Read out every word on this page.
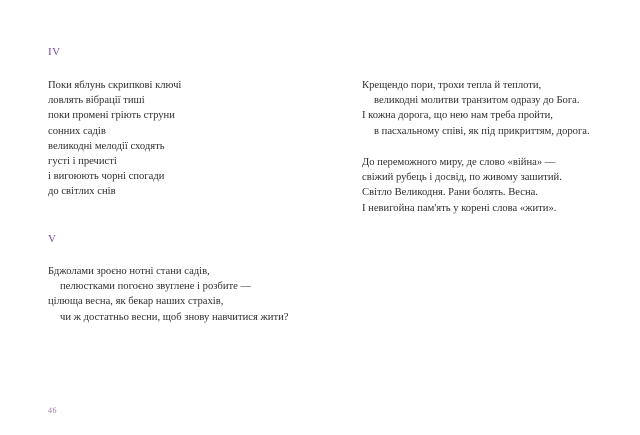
IV
Поки яблунь скрипкові ключі
ловлять вібрації тиші
поки промені гріють струни
сонних садів
великодні мелодії сходять
густі і пречисті
і вигоюють чорні спогади
до світлих снів
V
Бджолами зроєно нотні стани садів,
пелюстками погоєно звуглене і розбите —
цілюща весна, як бекар наших страхів,
чи ж достатньо весни, щоб знову навчитися жити?
Крещендо пори, трохи тепла й теплоти,
великодні молитви транзитом одразу до Бога.
І кожна дорога, що нею нам треба пройти,
в пасхальному співі, як під прикриттям, дорога.
До переможного миру, де слово «війна» —
свіжий рубець і досвід, по живому зашитий.
Світло Великодня. Рани болять. Весна.
І невигойна пам'ять у корені слова «жити».
46
